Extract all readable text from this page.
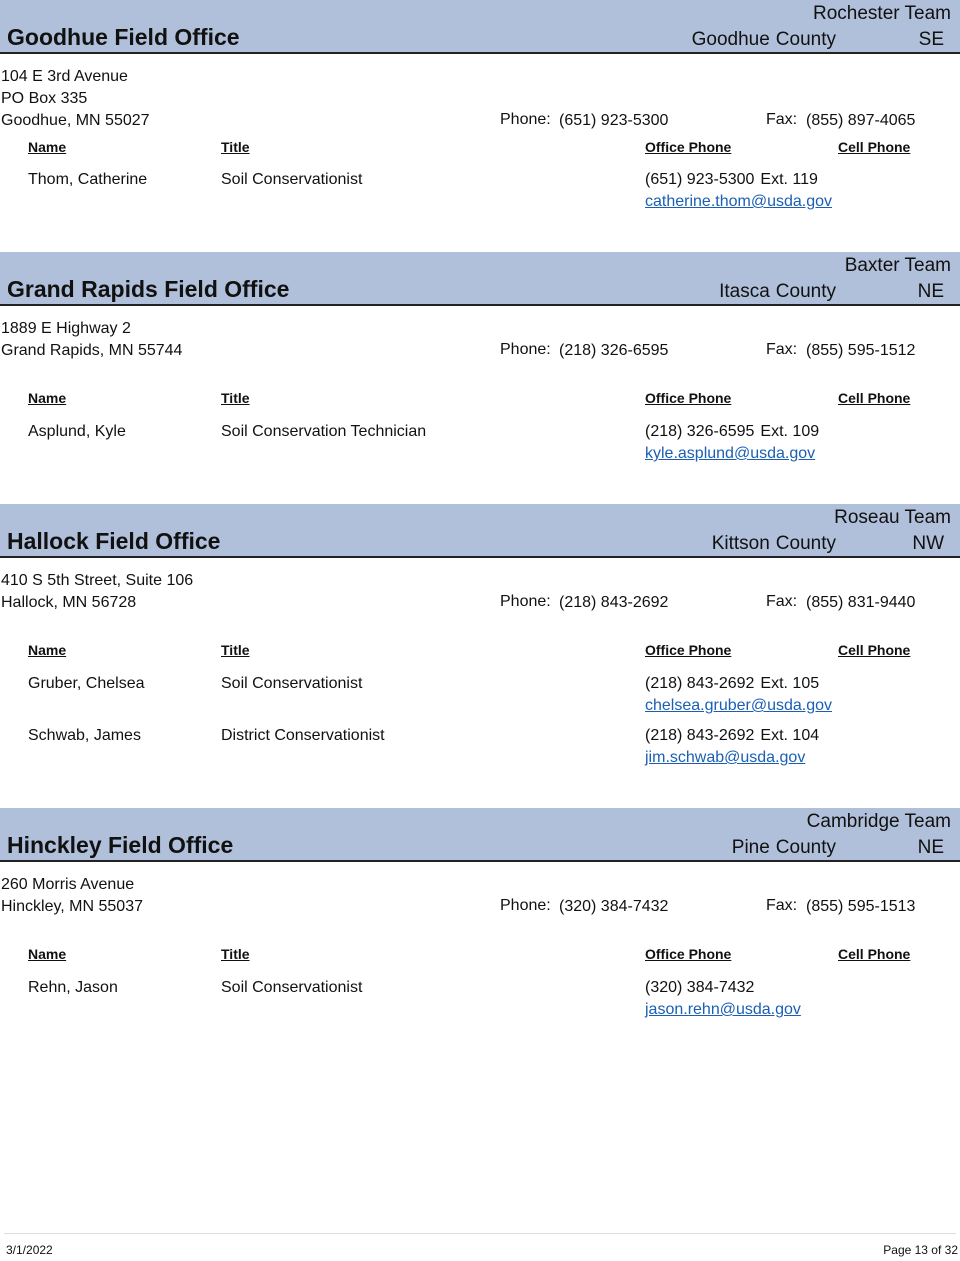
Goodhue Field Office
Rochester Team
Goodhue County	SE
104 E 3rd Avenue
PO Box 335
Goodhue, MN 55027	Phone: (651) 923-5300	Fax: (855) 897-4065
Name	Title	Office Phone	Cell Phone
Thom, Catherine	Soil Conservationist	(651) 923-5300 Ext. 119
catherine.thom@usda.gov
Grand Rapids Field Office
Baxter Team
Itasca County	NE
1889 E Highway 2
Grand Rapids, MN 55744	Phone: (218) 326-6595	Fax: (855) 595-1512
Name	Title	Office Phone	Cell Phone
Asplund, Kyle	Soil Conservation Technician	(218) 326-6595 Ext. 109
kyle.asplund@usda.gov
Hallock Field Office
Roseau Team
Kittson County	NW
410 S 5th Street, Suite 106
Hallock, MN 56728	Phone: (218) 843-2692	Fax: (855) 831-9440
Name	Title	Office Phone	Cell Phone
Gruber, Chelsea	Soil Conservationist	(218) 843-2692 Ext. 105
chelsea.gruber@usda.gov
Schwab, James	District Conservationist	(218) 843-2692 Ext. 104
jim.schwab@usda.gov
Hinckley Field Office
Cambridge Team
Pine County	NE
260 Morris Avenue
Hinckley, MN 55037	Phone: (320) 384-7432	Fax: (855) 595-1513
Name	Title	Office Phone	Cell Phone
Rehn, Jason	Soil Conservationist	(320) 384-7432
jason.rehn@usda.gov
3/1/2022	Page 13 of 32
